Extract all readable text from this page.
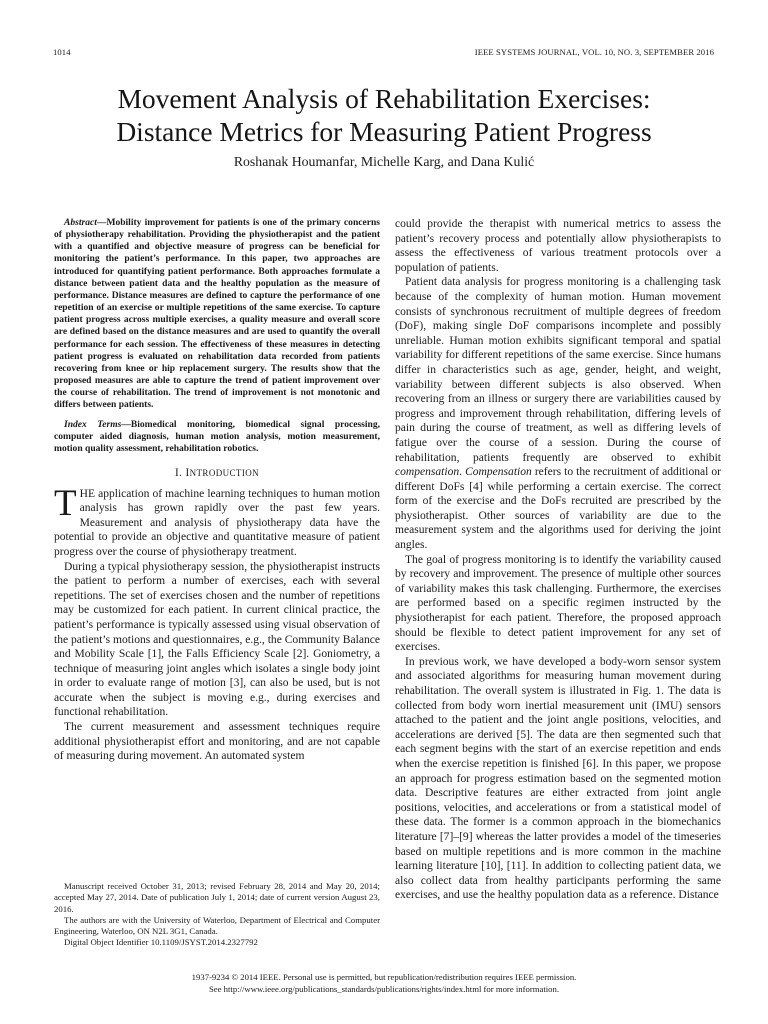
1014	IEEE SYSTEMS JOURNAL, VOL. 10, NO. 3, SEPTEMBER 2016
Movement Analysis of Rehabilitation Exercises:
Distance Metrics for Measuring Patient Progress
Roshanak Houmanfar, Michelle Karg, and Dana Kulić

Abstract—Mobility improvement for patients is one of the primary concerns of physiotherapy rehabilitation. Providing the physiotherapist and the patient with a quantified and objective measure of progress can be beneficial for monitoring the patient’s performance. In this paper, two approaches are introduced for quantifying patient performance. Both approaches formulate a distance between patient data and the healthy population as the measure of performance. Distance measures are defined to capture the performance of one repetition of an exercise or multiple repetitions of the same exercise. To capture patient progress across multiple exercises, a quality measure and overall score are defined based on the distance measures and are used to quantify the overall performance for each session. The effectiveness of these measures in detecting patient progress is evaluated on rehabilitation data recorded from patients recovering from knee or hip replacement surgery. The results show that the proposed measures are able to capture the trend of patient improvement over the course of rehabilitation. The trend of improvement is not monotonic and differs between patients.

Index Terms—Biomedical monitoring, biomedical signal processing, computer aided diagnosis, human motion analysis, motion measurement, motion quality assessment, rehabilitation robotics.

I. INTRODUCTION

THE application of machine learning techniques to human motion analysis has grown rapidly over the past few years. Measurement and analysis of physiotherapy data have the potential to provide an objective and quantitative measure of patient progress over the course of physiotherapy treatment.

During a typical physiotherapy session, the physiotherapist instructs the patient to perform a number of exercises, each with several repetitions. The set of exercises chosen and the number of repetitions may be customized for each patient. In current clinical practice, the patient’s performance is typically assessed using visual observation of the patient’s motions and questionnaires, e.g., the Community Balance and Mobility Scale [1], the Falls Efficiency Scale [2]. Goniometry, a technique of measuring joint angles which isolates a single body joint in order to evaluate range of motion [3], can also be used, but is not accurate when the subject is moving e.g., during exercises and functional rehabilitation.

The current measurement and assessment techniques require additional physiotherapist effort and monitoring, and are not capable of measuring during movement. An automated system

Manuscript received October 31, 2013; revised February 28, 2014 and May 20, 2014; accepted May 27, 2014. Date of publication July 1, 2014; date of current version August 23, 2016.

The authors are with the University of Waterloo, Department of Electrical and Computer Engineering, Waterloo, ON N2L 3G1, Canada.

Digital Object Identifier 10.1109/JSYST.2014.2327792

could provide the therapist with numerical metrics to assess the patient’s recovery process and potentially allow physiotherapists to assess the effectiveness of various treatment protocols over a population of patients.

Patient data analysis for progress monitoring is a challenging task because of the complexity of human motion. Human movement consists of synchronous recruitment of multiple degrees of freedom (DoF), making single DoF comparisons incomplete and possibly unreliable. Human motion exhibits significant temporal and spatial variability for different repetitions of the same exercise. Since humans differ in characteristics such as age, gender, height, and weight, variability between different subjects is also observed. When recovering from an illness or surgery there are variabilities caused by progress and improvement through rehabilitation, differing levels of pain during the course of treatment, as well as differing levels of fatigue over the course of a session. During the course of rehabilitation, patients frequently are observed to exhibit compensation. Compensation refers to the recruitment of additional or different DoFs [4] while performing a certain exercise. The correct form of the exercise and the DoFs recruited are prescribed by the physiotherapist. Other sources of variability are due to the measurement system and the algorithms used for deriving the joint angles.

The goal of progress monitoring is to identify the variability caused by recovery and improvement. The presence of multiple other sources of variability makes this task challenging. Furthermore, the exercises are performed based on a specific regimen instructed by the physiotherapist for each patient. Therefore, the proposed approach should be flexible to detect patient improvement for any set of exercises.

In previous work, we have developed a body-worn sensor system and associated algorithms for measuring human movement during rehabilitation. The overall system is illustrated in Fig. 1. The data is collected from body worn inertial measurement unit (IMU) sensors attached to the patient and the joint angle positions, velocities, and accelerations are derived [5]. The data are then segmented such that each segment begins with the start of an exercise repetition and ends when the exercise repetition is finished [6]. In this paper, we propose an approach for progress estimation based on the segmented motion data. Descriptive features are either extracted from joint angle positions, velocities, and accelerations or from a statistical model of these data. The former is a common approach in the biomechanics literature [7]–[9] whereas the latter provides a model of the timeseries based on multiple repetitions and is more common in the machine learning literature [10], [11]. In addition to collecting patient data, we also collect data from healthy participants performing the same exercises, and use the healthy population data as a reference. Distance

1937-9234 © 2014 IEEE. Personal use is permitted, but republication/redistribution requires IEEE permission.
See http://www.ieee.org/publications_standards/publications/rights/index.html for more information.
